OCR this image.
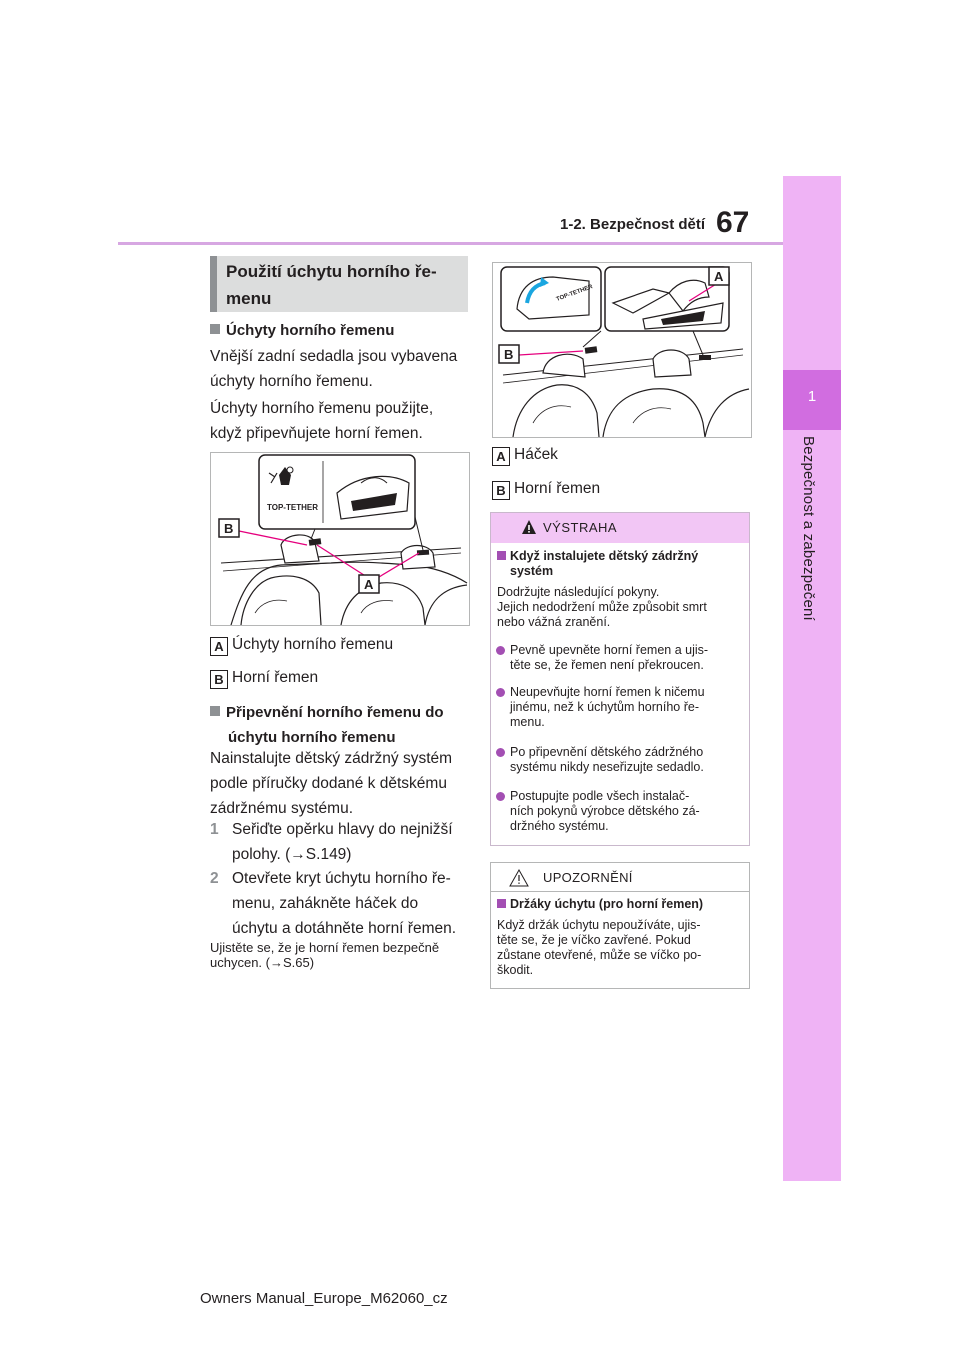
67
1-2. Bezpečnost dětí
1
Bezpečnost a zabezpečení
Použití úchytu horního ře-
menu
Úchyty horního řemenu
Vnější zadní sedadla jsou vybavena
úchyty horního řemenu.
Úchyty horního řemenu použijte,
když připevňujete horní řemen.
TOP-TETHER
B
A
A Úchyty horního řemenu
B Horní řemen
Připevnění horního řemenu do
úchytu horního řemenu
Nainstalujte dětský zádržný systém
podle příručky dodané k dětskému
zádržnému systému.
1 Seřiďte opěrku hlavy do nejnižší
polohy. (→S.149)
2 Otevřete kryt úchytu horního ře-
menu, zahákněte háček do
úchytu a dotáhněte horní řemen.
Ujistěte se, že je horní řemen bezpečně
uchycen. (→S.65)
TOP-TETHER
A
B
A Háček
B Horní řemen
VÝSTRAHA
Když instalujete dětský zádržný
systém
Dodržujte následující pokyny.
Jejich nedodržení může způsobit smrt
nebo vážná zranění.
Pevně upevněte horní řemen a ujis-
těte se, že řemen není překroucen.
Neupevňujte horní řemen k ničemu
jinému, než k úchytům horního ře-
menu.
Po připevnění dětského zádržného
systému nikdy neseřizujte sedadlo.
Postupujte podle všech instalač-
ních pokynů výrobce dětského zá-
držného systému.
UPOZORNĚNÍ
Držáky úchytu (pro horní řemen)
Když držák úchytu nepoužíváte, ujis-
těte se, že je víčko zavřené. Pokud
zůstane otevřené, může se víčko po-
škodit.
Owners Manual_Europe_M62060_cz
